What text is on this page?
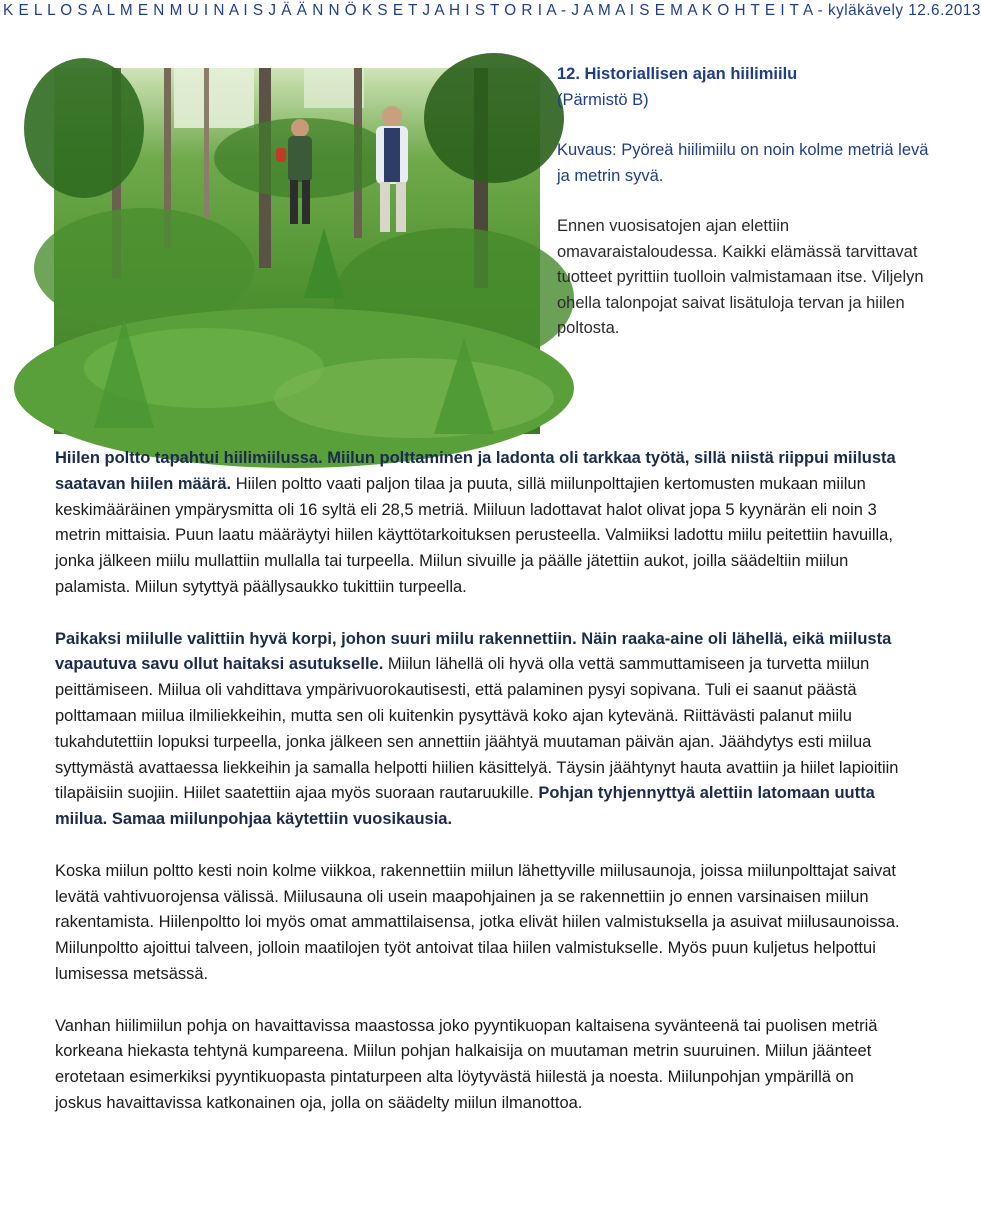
K E L L O S A L M E N M U I N A I S J Ä Ä N N Ö K S E T J A H I S T O R I A - J A M A I S E M A K O H T E I T A - kyläkävely 12.6.2013

12. Historiallisen ajan hiilimiilu
(Pärmistö B)

Kuvaus: Pyöreä hiilimiilu on noin kolme metriä levä ja metrin syvä.

Ennen vuosisatojen ajan elettiin omavaraistaloudessa. Kaikki elämässä tarvittavat tuotteet pyrittiin tuolloin valmistamaan itse. Viljelyn ohella talonpojat saivat lisätuloja tervan ja hiilen poltosta.

Hiilen poltto tapahtui hiilimiilussa. Miilun polttaminen ja ladonta oli tarkkaa työtä, sillä niistä riippui miilusta saatavan hiilen määrä. Hiilen poltto vaati paljon tilaa ja puuta, sillä miilunpolttajien kertomusten mukaan miilun keskimääräinen ympärysmitta oli 16 syltä eli 28,5 metriä. Miiluun ladottavat halot olivat jopa 5 kyynärän eli noin 3 metrin mittaisia. Puun laatu määräytyi hiilen käyttötarkoituksen perusteella. Valmiiksi ladottu miilu peitettiin havuilla, jonka jälkeen miilu mullattiin mullalla tai turpeella. Miilun sivuille ja päälle jätettiin aukot, joilla säädeltiin miilun palamista. Miilun sytyttyä päällysaukko tukittiin turpeella.

Paikaksi miilulle valittiin hyvä korpi, johon suuri miilu rakennettiin. Näin raaka-aine oli lähellä, eikä miilusta vapautuva savu ollut haitaksi asutukselle. Miilun lähellä oli hyvä olla vettä sammuttamiseen ja turvetta miilun peittämiseen. Miilua oli vahdittava ympärivuorokautisesti, että palaminen pysyi sopivana. Tuli ei saanut päästä polttamaan miilua ilmiliekkeihin, mutta sen oli kuitenkin pysyttävä koko ajan kytevänä. Riittävästi palanut miilu tukahdutettiin lopuksi turpeella, jonka jälkeen sen annettiin jäähtyä muutaman päivän ajan. Jäähdytys esti miilua syttymästä avattaessa liekkeihin ja samalla helpotti hiilien käsittelyä. Täysin jäähtynyt hauta avattiin ja hiilet lapioitiin tilapäisiin suojiin. Hiilet saatettiin ajaa myös suoraan rautaruukille. Pohjan tyhjennyttyä alettiin latomaan uutta miilua. Samaa miilunpohjaa käytettiin vuosikausia.

Koska miilun poltto kesti noin kolme viikkoa, rakennettiin miilun lähettyville miilusaunoja, joissa miilunpolttajat saivat levätä vahtivuorojensa välissä. Miilusauna oli usein maapohjainen ja se rakennettiin jo ennen varsinaisen miilun rakentamista. Hiilenpoltto loi myös omat ammattilaisensa, jotka elivät hiilen valmistuksella ja asuivat miilusaunoissa. Miilunpoltto ajoittui talveen, jolloin maatilojen työt antoivat tilaa hiilen valmistukselle. Myös puun kuljetus helpottui lumisessa metsässä.

Vanhan hiilimiilun pohja on havaittavissa maastossa joko pyyntikuopan kaltaisena syvänteenä tai puolisen metriä korkeana hiekasta tehtynä kumpareena. Miilun pohjan halkaisija on muutaman metrin suuruinen. Miilun jäänteet erotetaan esimerkiksi pyyntikuopasta pintaturpeen alta löytyvästä hiilestä ja noesta. Miilunpohjan ympärillä on joskus havaittavissa katkonainen oja, jolla on säädelty miilun ilmanottoa.
